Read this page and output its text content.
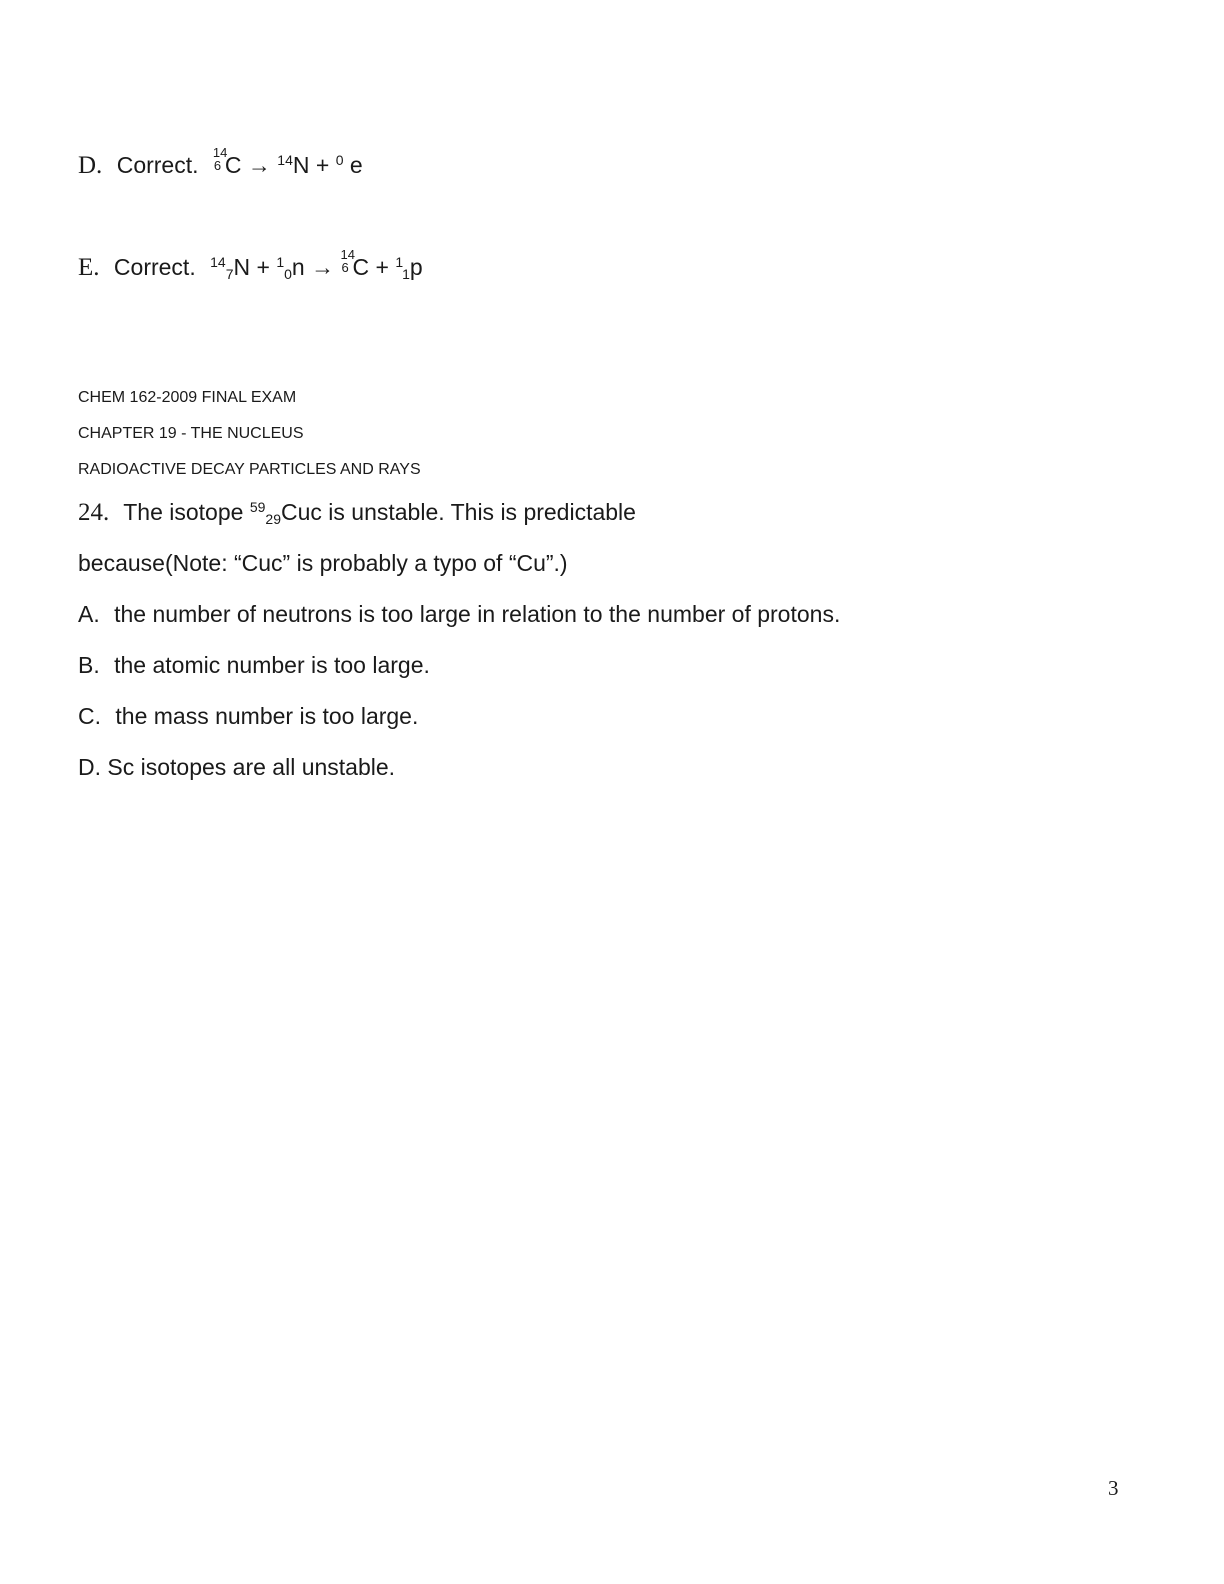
D. Correct. 14
6 C → $^{14}$N + $^0$ e
E. Correct. $^{14}_7$N + $^1_0$n → 14
6 C + $^1_1$p
CHEM 162-2009 FINAL EXAM
CHAPTER 19 - THE NUCLEUS
RADIOACTIVE DECAY PARTICLES AND RAYS
24. The isotope $^{59}_{29}$Cuc is unstable. This is predictable
because(Note: “Cuc” is probably a typo of “Cu”.)
A. the number of neutrons is too large in relation to the number of protons.
B. the atomic number is too large.
C. the mass number is too large.
D. Sc isotopes are all unstable.
3
